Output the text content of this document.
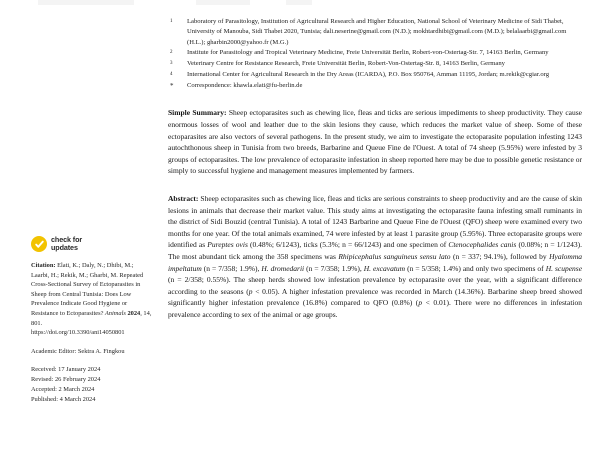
check for
updates

Citation: Elati, K.; Daly, N.; Dhibi, M.; Laarbi, H.; Rekik, M.; Gharbi, M. Repeated Cross-Sectional Survey of Ectoparasites in Sheep from Central Tunisia: Does Low Prevalence Indicate Good Hygiene or Resistance to Ectoparasites? Animals 2024, 14, 801.

https://doi.org/10.3390/ani14050801

Academic Editor: Sektra A. Fingkou

Received: 17 January 2024

Revised: 26 February 2024

Accepted: 2 March 2024

Published: 4 March 2024

1 Laboratory of Parasitology, Institution of Agricultural Research and Higher Education, National School of Veterinary Medicine of Sidi Thabet, University of Manouba, Sidi Thabet 2020, Tunisia; dali.neserine@gmail.com (N.D.); mokhtardhibi@gmail.com (M.D.); belalaarbi@gmail.com (H.L.); gharbin2000@yahoo.fr (M.G.)
2 Institute for Parasitology and Tropical Veterinary Medicine, Freie Universität Berlin, Robert-von-Ostertag-Str. 7, 14163 Berlin, Germany
3 Veterinary Centre for Resistance Research, Freie Universität Berlin, Robert-Von-Ostertag-Str. 8, 14163 Berlin, Germany
4 International Center for Agricultural Research in the Dry Areas (ICARDA), P.O. Box 950764, Amman 11195, Jordan; m.rekik@cgiar.org
* Correspondence: khawla.elati@fu-berlin.de
Simple Summary: Sheep ectoparasites such as chewing lice, fleas and ticks are serious impediments to sheep productivity. They cause enormous losses of wool and leather due to the skin lesions they cause, which reduces the market value of sheep. Some of these ectoparasites are also vectors of several pathogens. In the present study, we aim to investigate the ectoparasite population infesting 1243 autochthonous sheep in Tunisia from two breeds, Barbarine and Queue Fine de l'Ouest. A total of 74 sheep (5.95%) were infested by 3 groups of ectoparasites. The low prevalence of ectoparasite infestation in sheep reported here may be due to possible genetic resistance or simply to successful hygiene and management measures implemented by farmers.
Abstract: Sheep ectoparasites such as chewing lice, fleas and ticks are serious constraints to sheep productivity and are the cause of skin lesions in animals that decrease their market value. This study aims at investigating the ectoparasite fauna infesting small ruminants in the district of Sidi Bouzid (central Tunisia). A total of 1243 Barbarine and Queue Fine de l'Ouest (QFO) sheep were examined every two months for one year. Of the total animals examined, 74 were infested by at least 1 parasite group (5.95%). Three ectoparasite groups were identified as Pureptes ovis (0.48%; 6/1243), ticks (5.3%; n = 66/1243) and one specimen of Ctenocephalides canis (0.08%; n = 1/1243). The most abundant tick among the 358 specimens was Rhipicephalus sanguineus sensu lato (n = 337; 94.1%), followed by Hyalomma impeltatum (n = 7/358; 1.9%), H. dromedarii (n = 7/358; 1.9%), H. excavatum (n = 5/358; 1.4%) and only two specimens of H. scupense (n = 2/358; 0.55%). The sheep herds showed low infestation prevalence by ectoparasite over the year, with a significant difference according to the seasons (p < 0.05). A higher infestation prevalence was recorded in March (14.36%). Barbarine sheep breed showed significantly higher infestation prevalence (16.8%) compared to QFO (0.8%) (p < 0.01). There were no differences in infestation prevalence according to sex of the animal or age groups.
